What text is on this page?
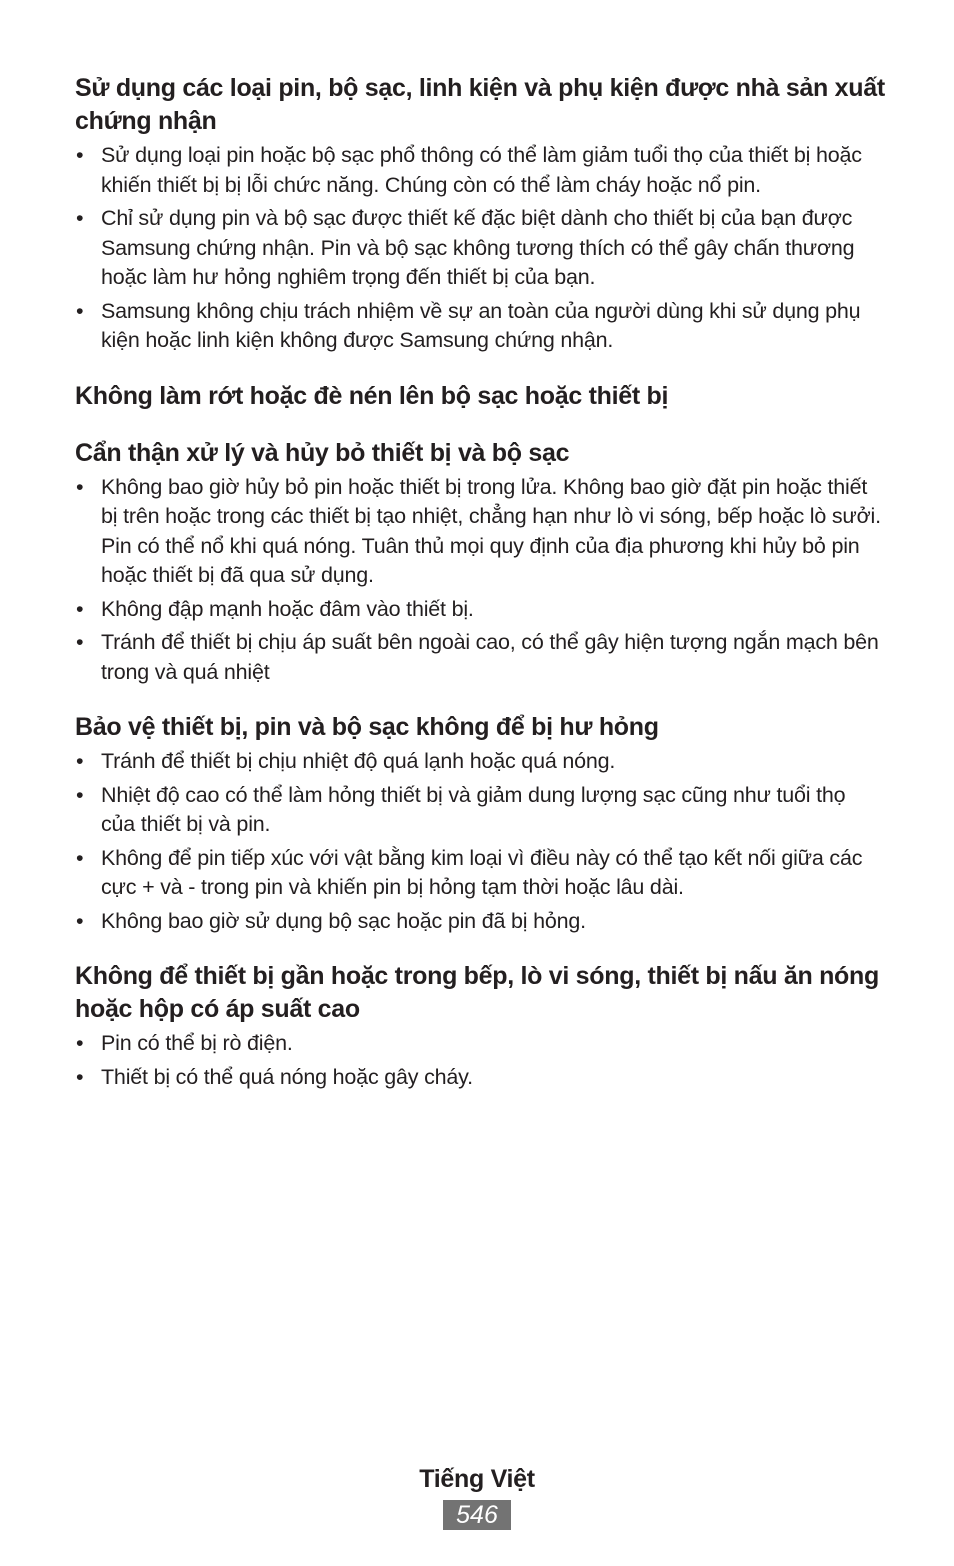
Sử dụng các loại pin, bộ sạc, linh kiện và phụ kiện được nhà sản xuất chứng nhận
• Sử dụng loại pin hoặc bộ sạc phổ thông có thể làm giảm tuổi thọ của thiết bị hoặc khiến thiết bị bị lỗi chức năng. Chúng còn có thể làm cháy hoặc nổ pin.
• Chỉ sử dụng pin và bộ sạc được thiết kế đặc biệt dành cho thiết bị của bạn được Samsung chứng nhận. Pin và bộ sạc không tương thích có thể gây chấn thương hoặc làm hư hỏng nghiêm trọng đến thiết bị của bạn.
• Samsung không chịu trách nhiệm về sự an toàn của người dùng khi sử dụng phụ kiện hoặc linh kiện không được Samsung chứng nhận.
Không làm rớt hoặc đè nén lên bộ sạc hoặc thiết bị
Cẩn thận xử lý và hủy bỏ thiết bị và bộ sạc
• Không bao giờ hủy bỏ pin hoặc thiết bị trong lửa. Không bao giờ đặt pin hoặc thiết bị trên hoặc trong các thiết bị tạo nhiệt, chẳng hạn như lò vi sóng, bếp hoặc lò sưởi. Pin có thể nổ khi quá nóng. Tuân thủ mọi quy định của địa phương khi hủy bỏ pin hoặc thiết bị đã qua sử dụng.
• Không đập mạnh hoặc đâm vào thiết bị.
• Tránh để thiết bị chịu áp suất bên ngoài cao, có thể gây hiện tượng ngắn mạch bên trong và quá nhiệt
Bảo vệ thiết bị, pin và bộ sạc không để bị hư hỏng
• Tránh để thiết bị chịu nhiệt độ quá lạnh hoặc quá nóng.
• Nhiệt độ cao có thể làm hỏng thiết bị và giảm dung lượng sạc cũng như tuổi thọ của thiết bị và pin.
• Không để pin tiếp xúc với vật bằng kim loại vì điều này có thể tạo kết nối giữa các cực + và - trong pin và khiến pin bị hỏng tạm thời hoặc lâu dài.
• Không bao giờ sử dụng bộ sạc hoặc pin đã bị hỏng.
Không để thiết bị gần hoặc trong bếp, lò vi sóng, thiết bị nấu ăn nóng hoặc hộp có áp suất cao
• Pin có thể bị rò điện.
• Thiết bị có thể quá nóng hoặc gây cháy.
Tiếng Việt
546
